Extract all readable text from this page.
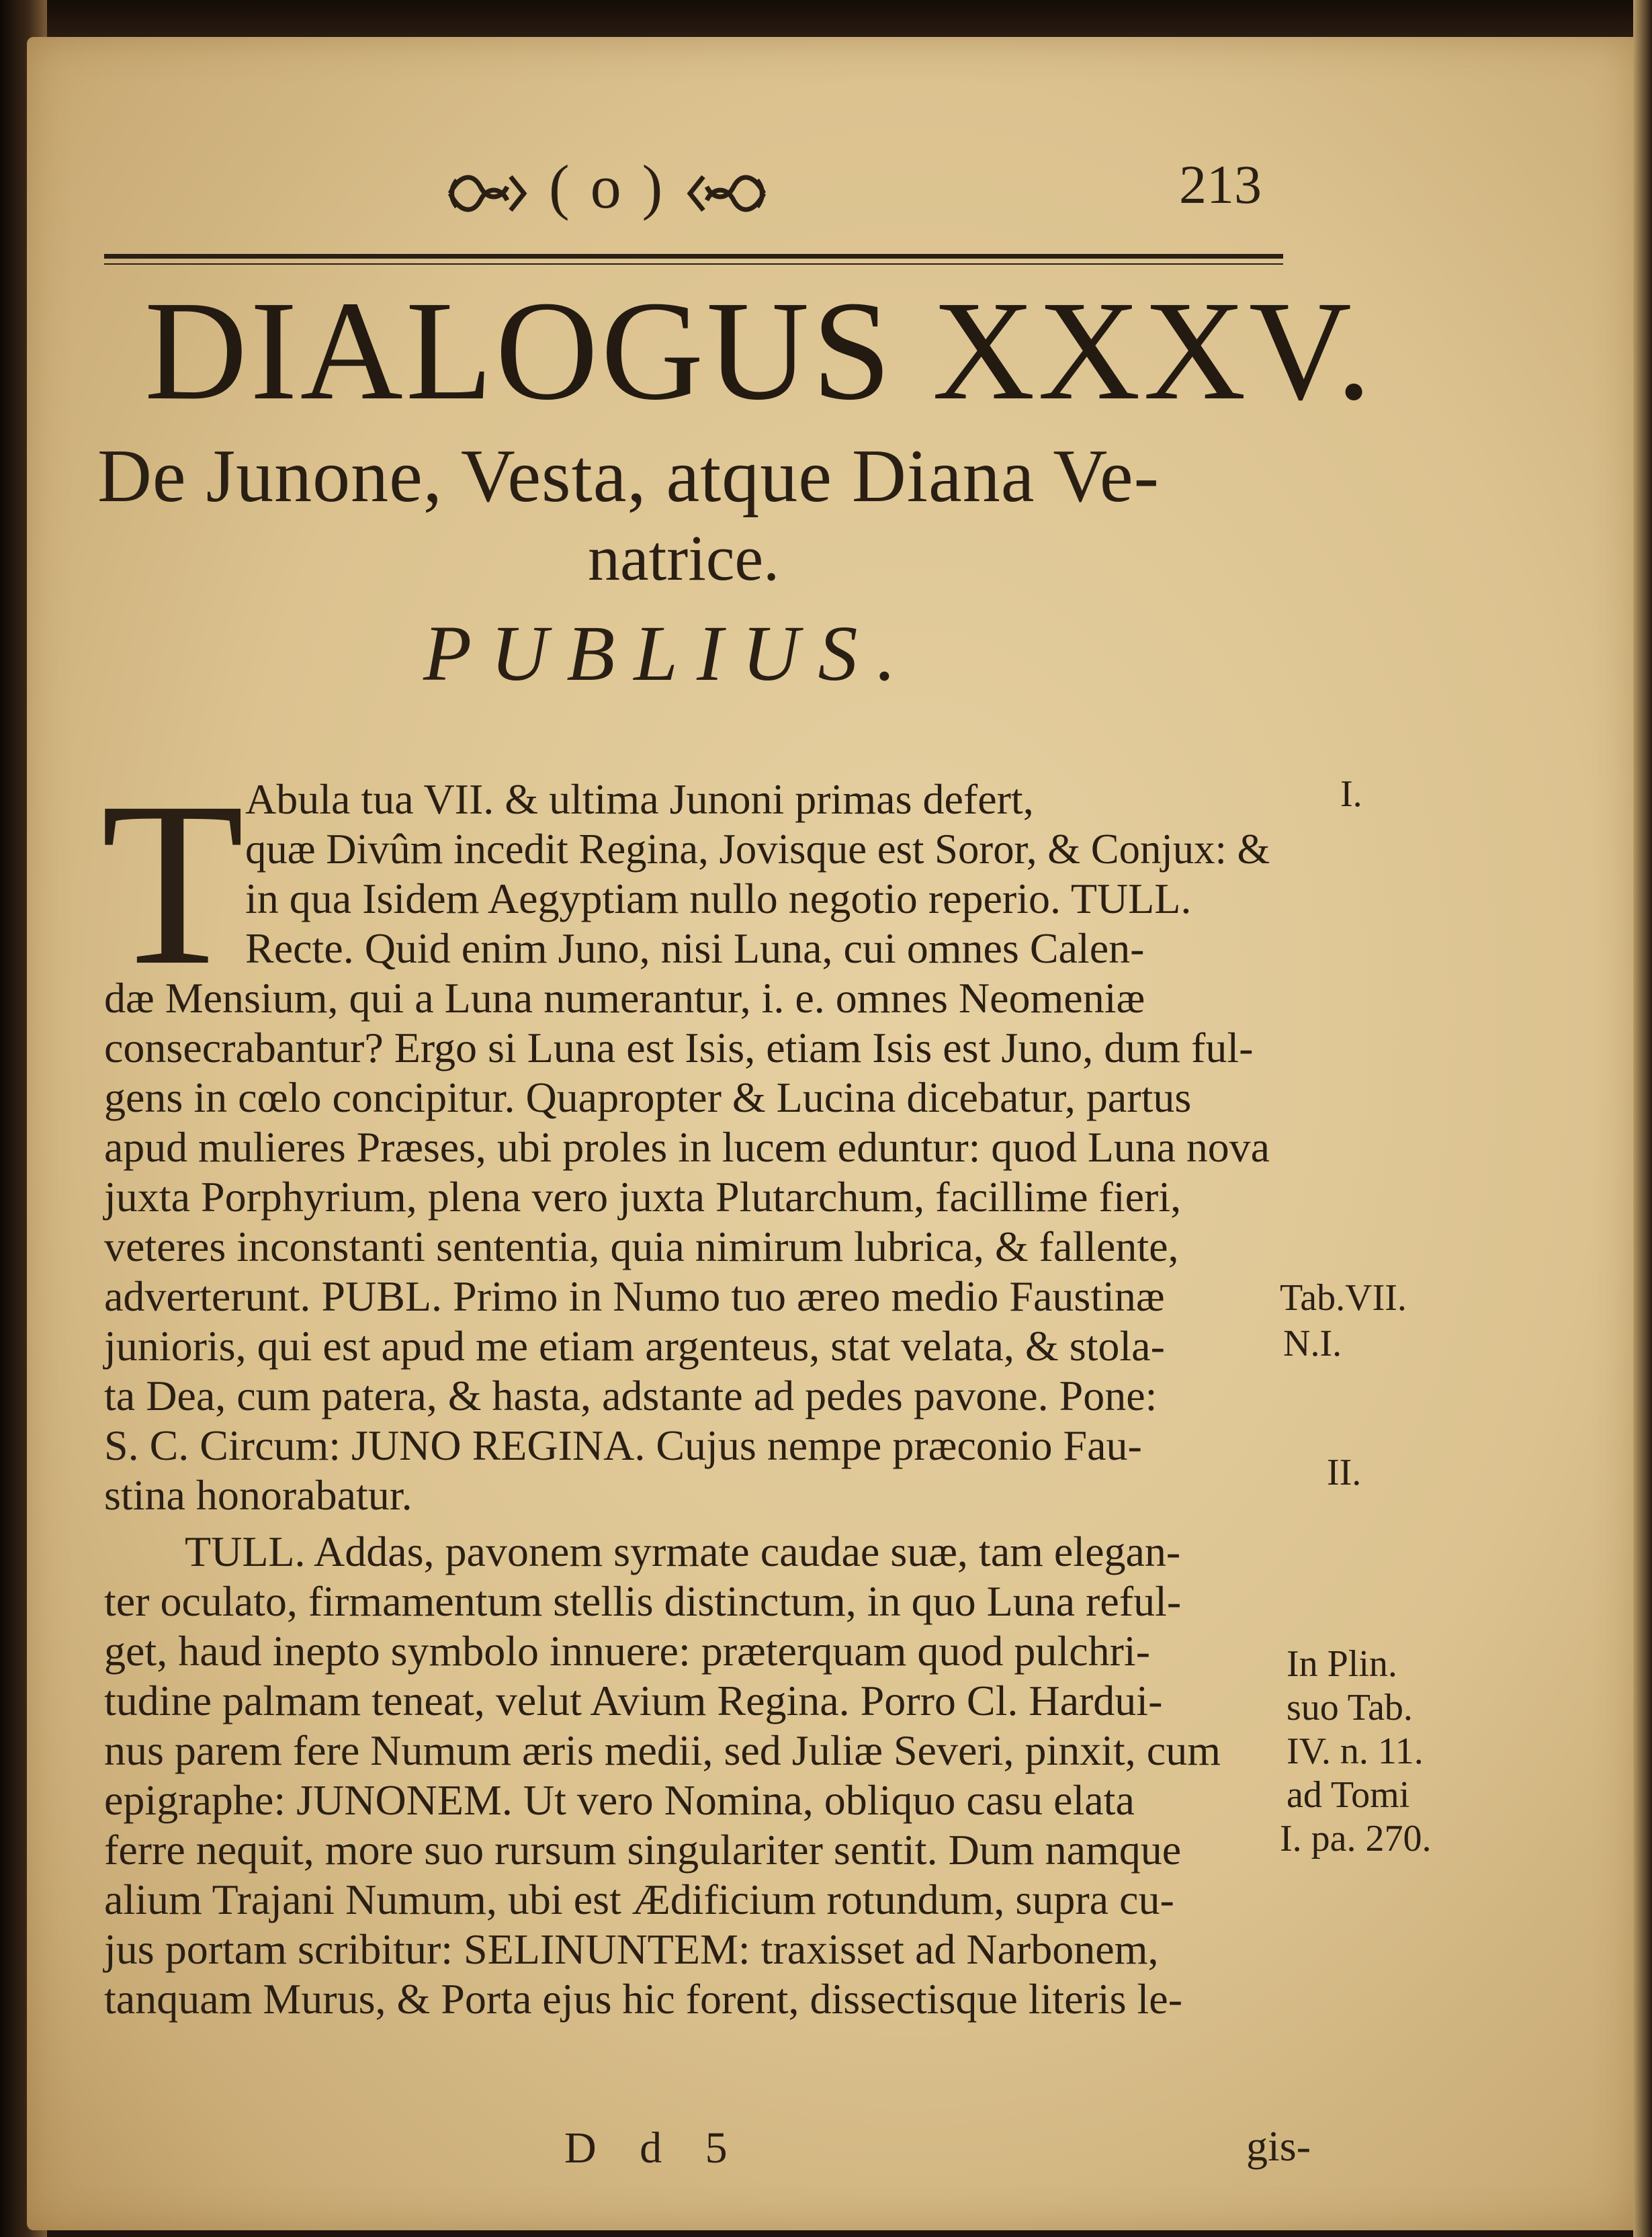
( o )	213
DIALOGUS XXXV.
De Junone, Vesta, atque Diana Ve-
natrice.
PUBLIUS.
T Abula tua VII. & ultima Junoni primas defert,
quæ Divûm incedit Regina, Jovisque est Soror, & Conjux: &
in qua Isidem Aegyptiam nullo negotio reperio. TULL.
Recte. Quid enim Juno, nisi Luna, cui omnes Calen-
dæ Mensium, qui a Luna numerantur, i. e. omnes Neomeniæ
consecrabantur? Ergo si Luna est Isis, etiam Isis est Juno, dum ful-
gens in cœlo concipitur. Quapropter & Lucina dicebatur, partus
apud mulieres Præses, ubi proles in lucem eduntur: quod Luna nova
juxta Porphyrium, plena vero juxta Plutarchum, facillime fieri,
veteres inconstanti sententia, quia nimirum lubrica, & fallente,
adverterunt. PUBL. Primo in Numo tuo æreo medio Faustinæ
junioris, qui est apud me etiam argenteus, stat velata, & stola-
ta Dea, cum patera, & hasta, adstante ad pedes pavone. Pone:
S. C. Circum: JUNO REGINA. Cujus nempe præconio Fau-
stina honorabatur.
TULL. Addas, pavonem syrmate caudae suæ, tam elegan-
ter oculato, firmamentum stellis distinctum, in quo Luna reful-
get, haud inepto symbolo innuere: præterquam quod pulchri-
tudine palmam teneat, velut Avium Regina. Porro Cl. Hardui-
nus parem fere Numum æris medii, sed Juliæ Severi, pinxit, cum
epigraphe: JUNONEM. Ut vero Nomina, obliquo casu elata
ferre nequit, more suo rursum singulariter sentit. Dum namque
alium Trajani Numum, ubi est Ædificium rotundum, supra cu-
jus portam scribitur: SELINUNTEM: traxisset ad Narbonem,
tanquam Murus, & Porta ejus hic forent, dissectisque literis le-
I.
Tab.VII.
N.I.
II.
In Plin.
suo Tab.
IV. n. 11.
ad Tomi
I. pa. 270.
D d 5	gis-
